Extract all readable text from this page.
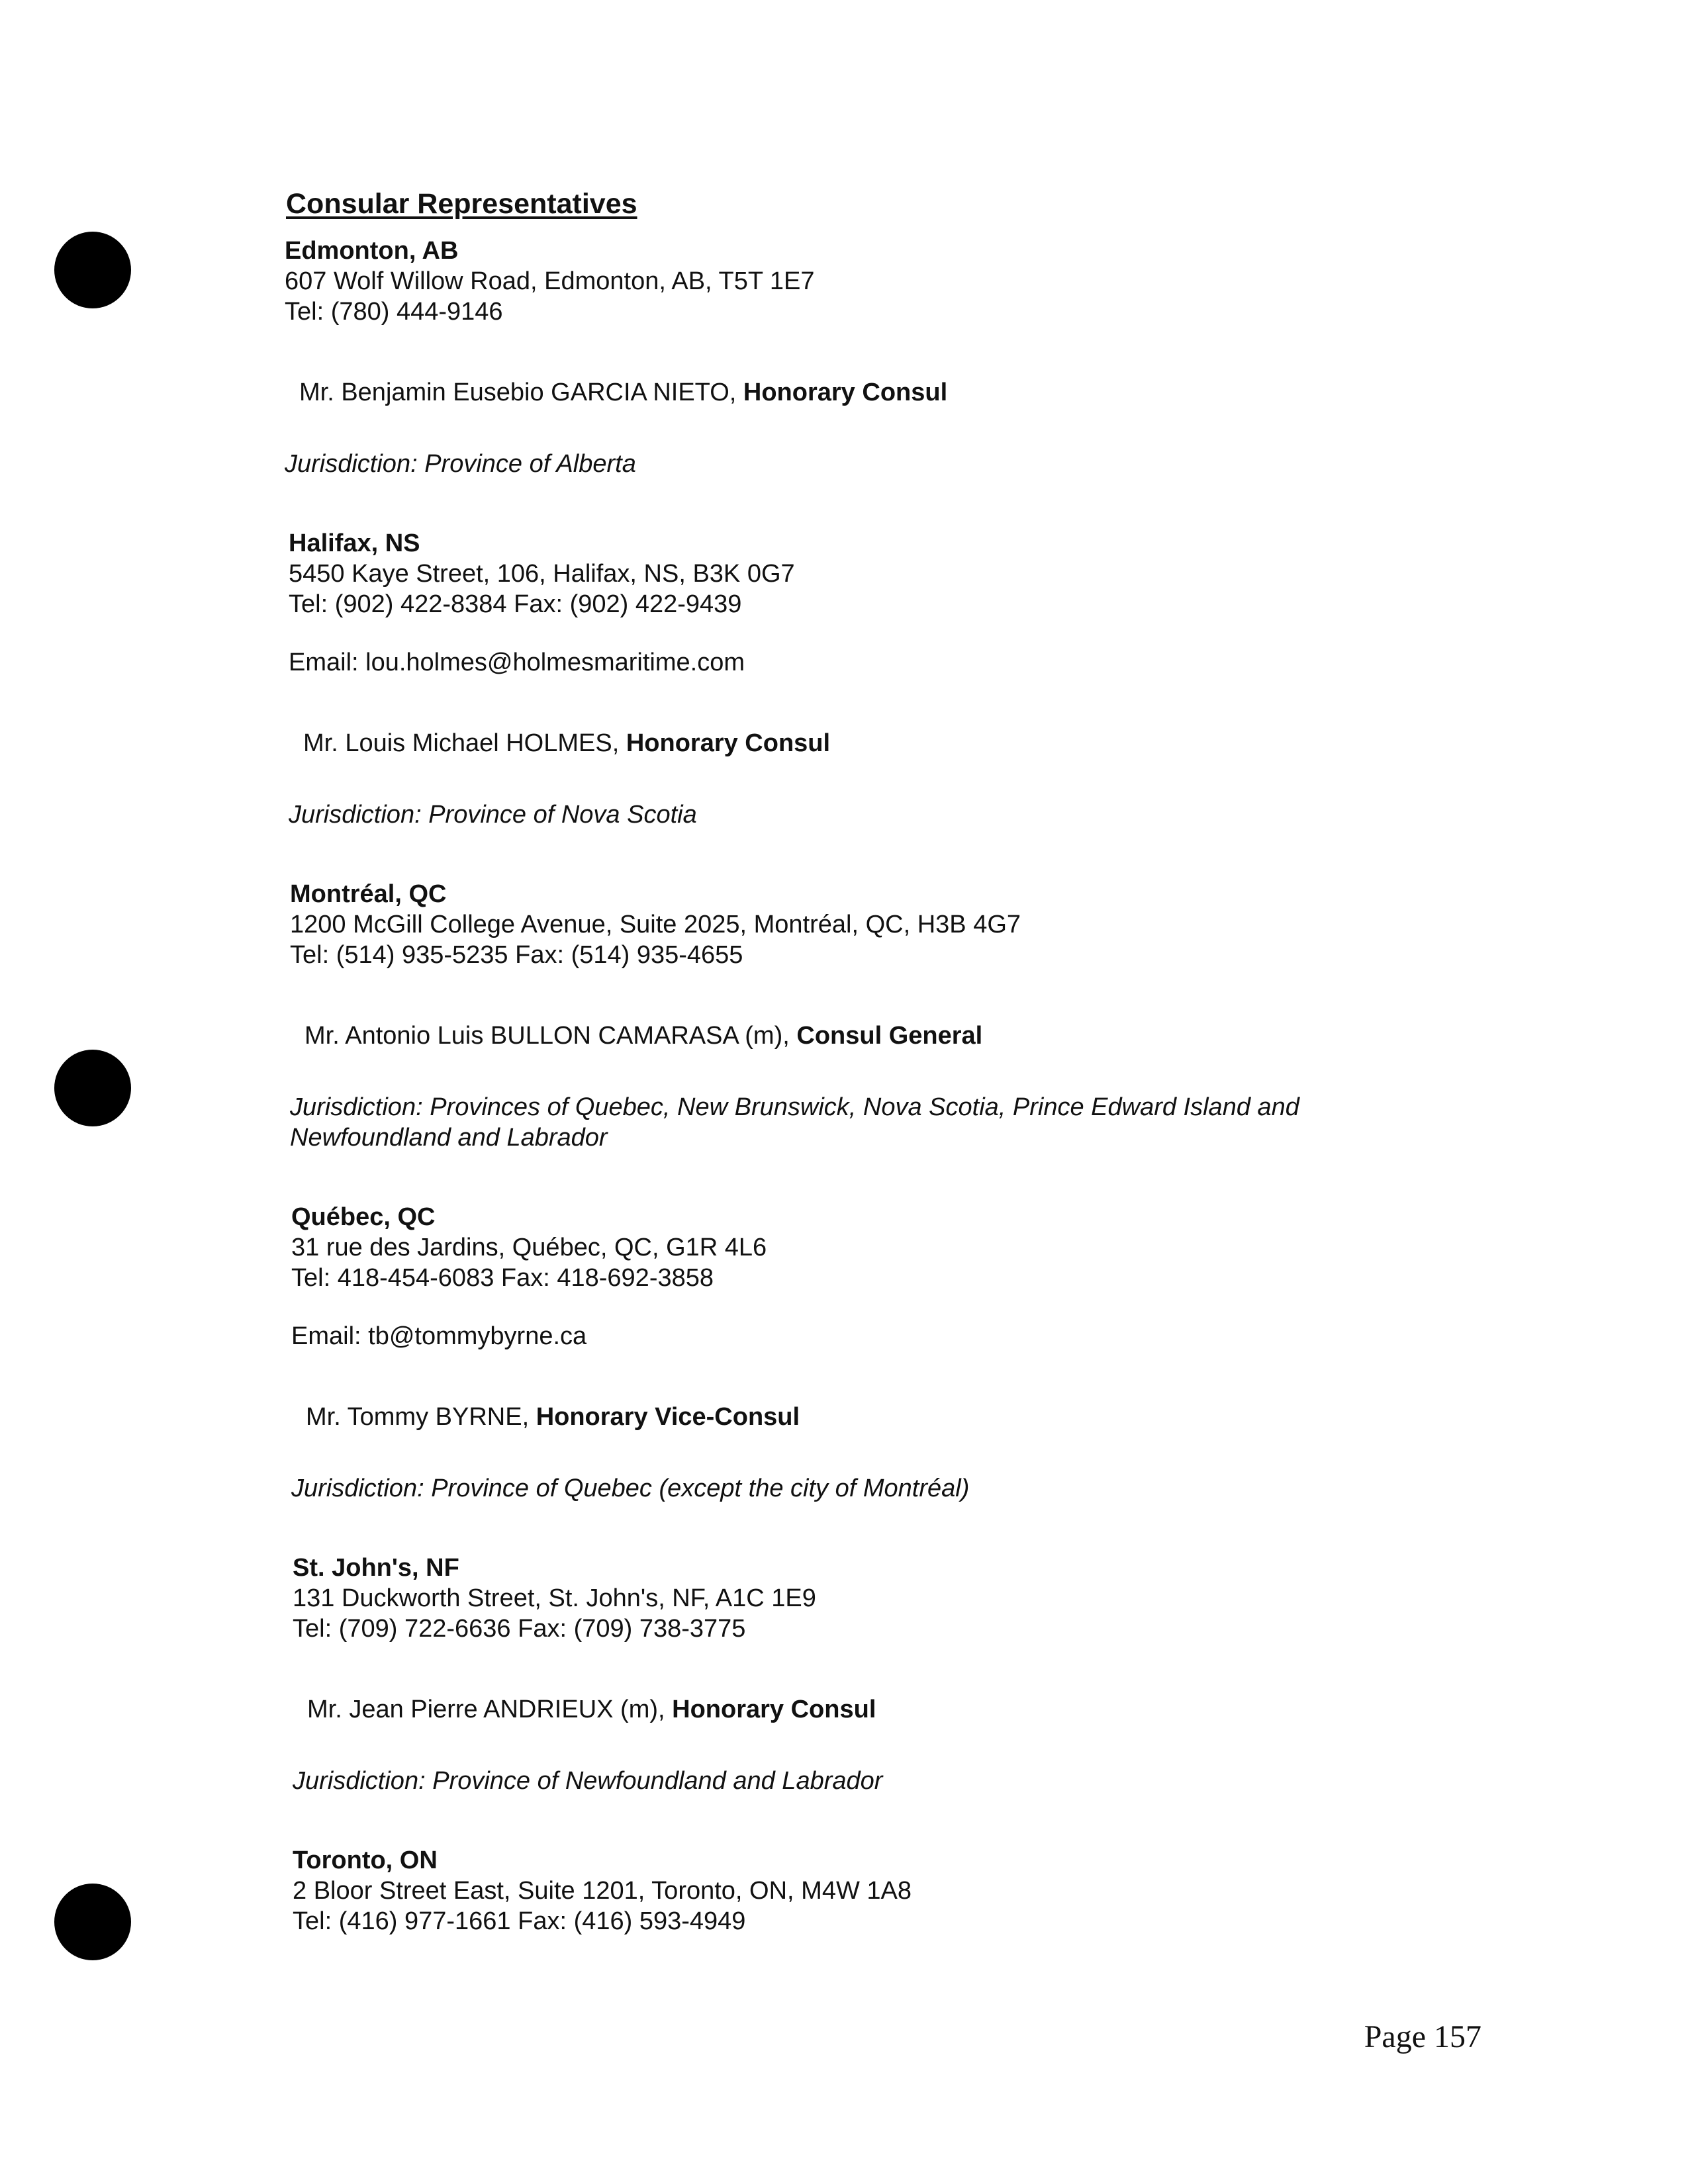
Consular Representatives
Edmonton, AB
607 Wolf Willow Road, Edmonton, AB, T5T 1E7
Tel: (780) 444-9146
Mr. Benjamin Eusebio GARCIA NIETO, Honorary Consul
Jurisdiction: Province of Alberta
Halifax, NS
5450 Kaye Street, 106, Halifax, NS, B3K 0G7
Tel: (902) 422-8384 Fax: (902) 422-9439
Email: lou.holmes@holmesmaritime.com
Mr. Louis Michael HOLMES, Honorary Consul
Jurisdiction: Province of Nova Scotia
Montréal, QC
1200 McGill College Avenue, Suite 2025, Montréal, QC, H3B 4G7
Tel: (514) 935-5235 Fax: (514) 935-4655
Mr. Antonio Luis BULLON CAMARASA (m), Consul General
Jurisdiction: Provinces of Quebec, New Brunswick, Nova Scotia, Prince Edward Island and Newfoundland and Labrador
Québec, QC
31 rue des Jardins, Québec, QC, G1R 4L6
Tel: 418-454-6083 Fax: 418-692-3858
Email: tb@tommybyrne.ca
Mr. Tommy BYRNE, Honorary Vice-Consul
Jurisdiction: Province of Quebec (except the city of Montréal)
St. John's, NF
131 Duckworth Street, St. John's, NF, A1C 1E9
Tel: (709) 722-6636 Fax: (709) 738-3775
Mr. Jean Pierre ANDRIEUX (m), Honorary Consul
Jurisdiction: Province of Newfoundland and Labrador
Toronto, ON
2 Bloor Street East, Suite 1201, Toronto, ON, M4W 1A8
Tel: (416) 977-1661 Fax: (416) 593-4949
Page 157
